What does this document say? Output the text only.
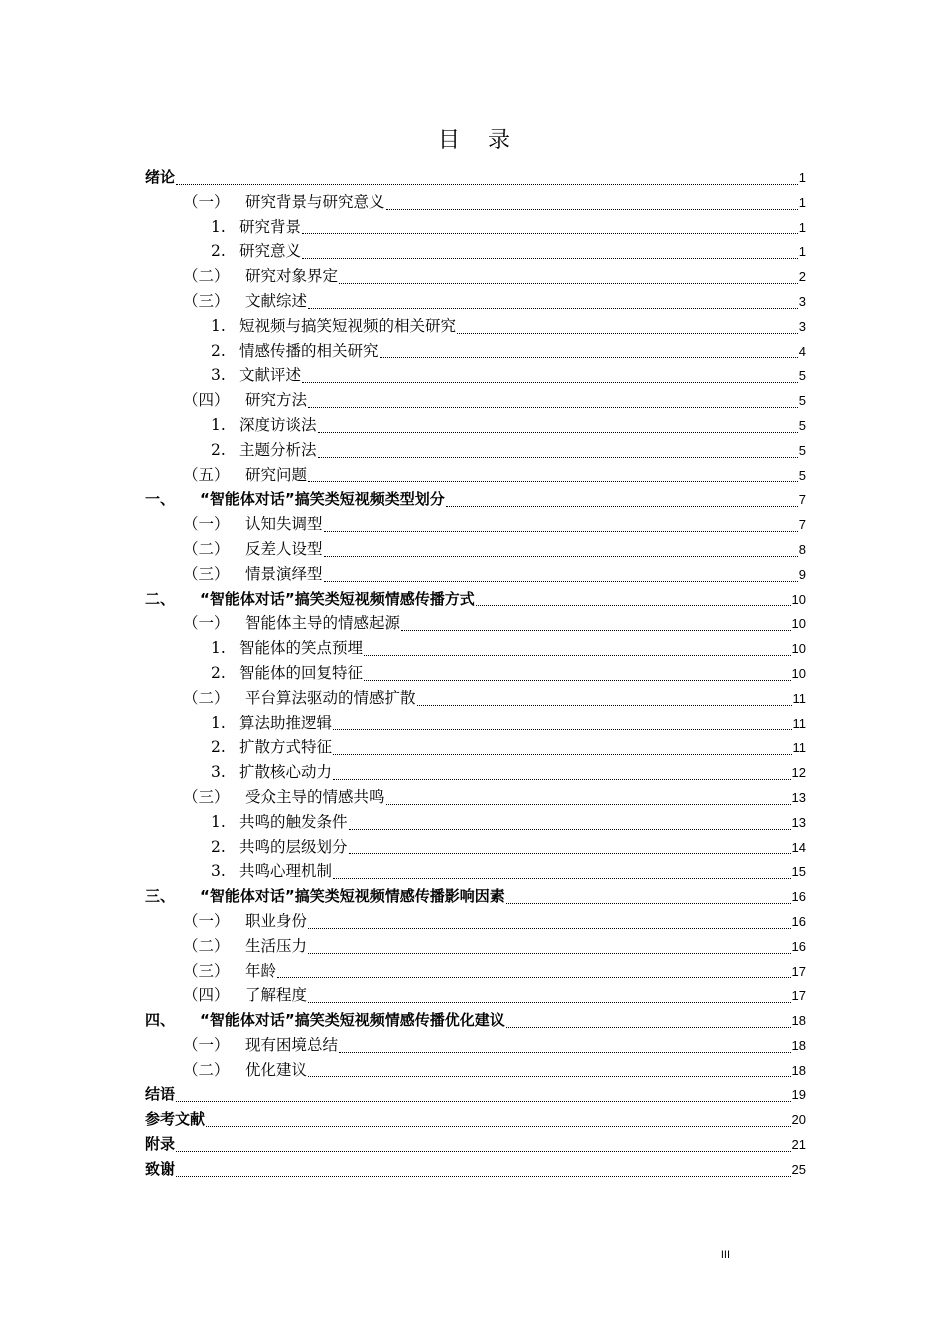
目 录
绪论	1
（一） 研究背景与研究意义	1
1. 研究背景	1
2. 研究意义	1
（二） 研究对象界定	2
（三） 文献综述	3
1. 短视频与搞笑短视频的相关研究	3
2. 情感传播的相关研究	4
3. 文献评述	5
（四） 研究方法	5
1. 深度访谈法	5
2. 主题分析法	5
（五） 研究问题	5
一、	“智能体对话”搞笑类短视频类型划分	7
（一） 认知失调型	7
（二） 反差人设型	8
（三） 情景演绎型	9
二、	“智能体对话”搞笑类短视频情感传播方式	10
（一） 智能体主导的情感起源	10
1. 智能体的笑点预埋	10
2. 智能体的回复特征	10
（二） 平台算法驱动的情感扩散	11
1. 算法助推逻辑	11
2. 扩散方式特征	11
3. 扩散核心动力	12
（三） 受众主导的情感共鸣	13
1. 共鸣的触发条件	13
2. 共鸣的层级划分	14
3. 共鸣心理机制	15
三、	“智能体对话”搞笑类短视频情感传播影响因素	16
（一） 职业身份	16
（二） 生活压力	16
（三） 年龄	17
（四） 了解程度	17
四、	“智能体对话”搞笑类短视频情感传播优化建议	18
（一） 现有困境总结	18
（二） 优化建议	18
结语	19
参考文献	20
附录	21
致谢	25
III
